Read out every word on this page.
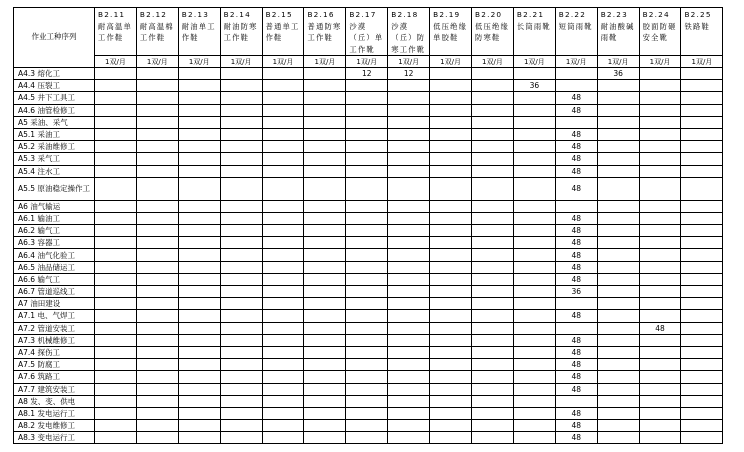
作业工种序列	B2.11 耐高温单工作鞋	B2.12 耐高温棉工作鞋	B2.13 耐油单工作鞋	B2.14 耐油防寒工作鞋	B2.15 普通单工作鞋	B2.16 普通防寒工作鞋	B2.17 沙漠（丘）单工作靴	B2.18 沙漠（丘）防寒工作靴	B2.19 低压绝缘单胶鞋	B2.20 低压绝缘防寒鞋	B2.21 长筒雨靴	B2.22 短筒雨靴	B2.23 耐油酸碱雨靴	B2.24 胶面防砸安全靴	B2.25 铁路鞋

	1双/月	1双/月	1双/月	1双/月	1双/月	1双/月	1双/月	1双/月	1双/月	1双/月	1双/月	1双/月	1双/月	1双/月	1双/月
A4.3 熔化工							12	12					36		
A4.4 压裂工											36				
A4.5 井下工具工												48			
A4.6 油管检修工												48			
A5 采油、采气															
A5.1 采油工												48			
A5.2 采油维修工												48			
A5.3 采气工												48			
A5.4 注水工												48			
A5.5 原油稳定操作工												48			
A6 油气输运															
A6.1 输油工												48			
A6.2 输气工												48			
A6.3 容器工												48			
A6.4 油气化验工												48			
A6.5 油品储运工												48			
A6.6 输气工												48			
A6.7 管道巡线工												36			
A7 油田建设															
A7.1 电、气焊工												48			
A7.2 管道安装工														48	
A7.3 机械维修工												48			
A7.4 探伤工												48			
A7.5 防腐工												48			
A7.6 筑路工												48			
A7.7 建筑安装工												48			
A8 发、变、供电															
A8.1 发电运行工												48			
A8.2 发电维修工												48			
A8.3 变电运行工												48			
